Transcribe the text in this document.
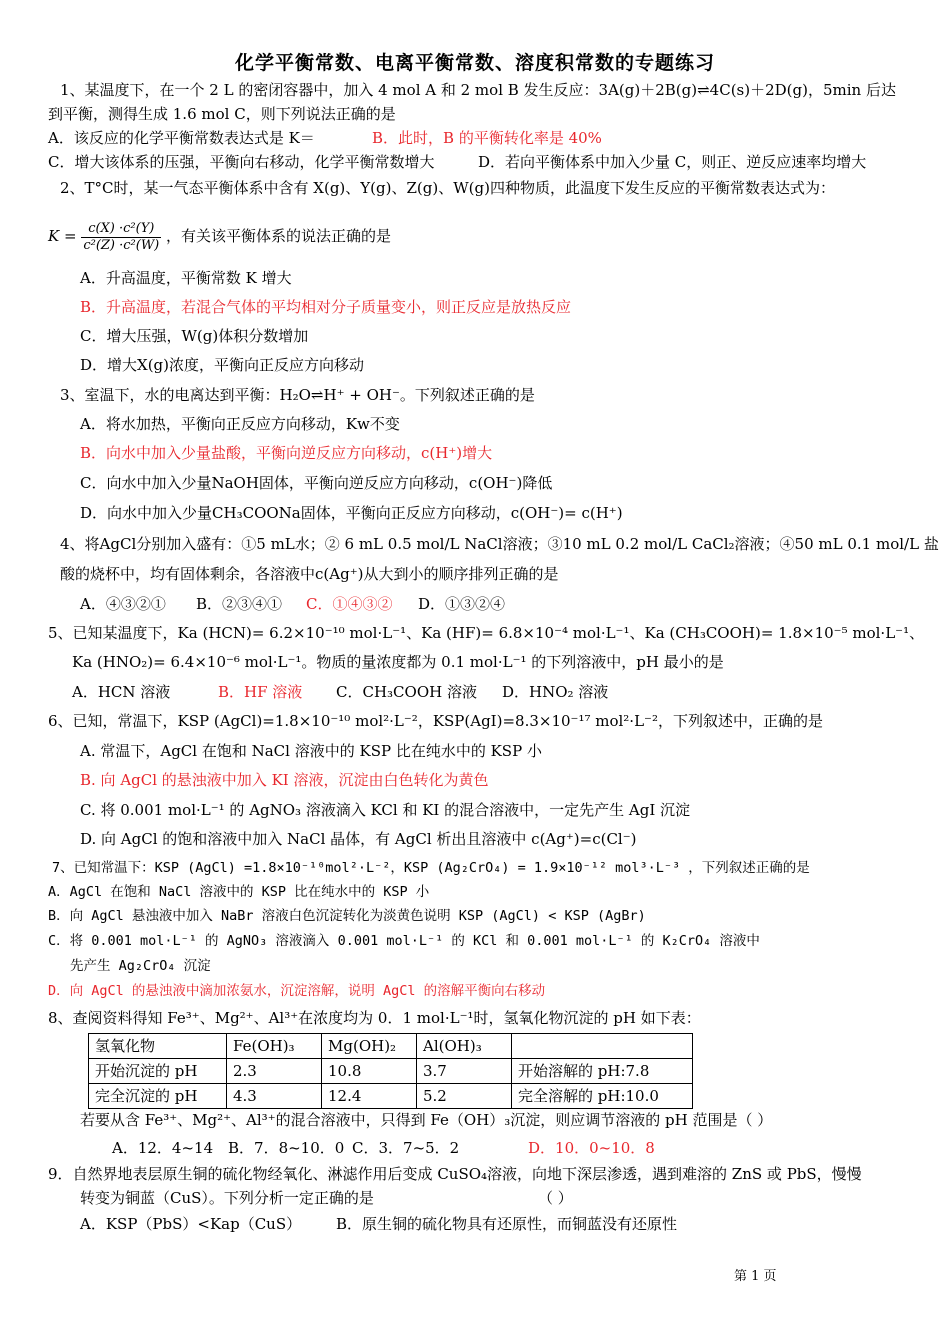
化学平衡常数、电离平衡常数、溶度积常数的专题练习
1、某温度下，在一个 2 L 的密闭容器中，加入 4 mol A 和 2 mol B 发生反应：3A(g)＋2B(g)⇌4C(s)＋2D(g)，5min 后达
到平衡，测得生成 1.6 mol C，则下列说法正确的是
A．该反应的化学平衡常数表达式是 K＝	B．此时，B 的平衡转化率是 40%
C．增大该体系的压强，平衡向右移动，化学平衡常数增大	D．若向平衡体系中加入少量 C，则正、逆反应速率均增大
2、T°C时，某一气态平衡体系中含有 X(g)、Y(g)、Z(g)、W(g)四种物质，此温度下发生反应的平衡常数表达式为：
$K = \frac{\text{c(X) ·c²(Y)}}{\text{c²(Z) ·c²(W)}}$ ，有关该平衡体系的说法正确的是
A．升高温度，平衡常数 K 增大
B．升高温度，若混合气体的平均相对分子质量变小，则正反应是放热反应
C．增大压强，W(g)体积分数增加
D．增大X(g)浓度，平衡向正反应方向移动
3、室温下，水的电离达到平衡：H₂O⇌H⁺ + OH⁻。下列叙述正确的是
A．将水加热，平衡向正反应方向移动，Kw不变
B．向水中加入少量盐酸，平衡向逆反应方向移动，c(H⁺)增大
C．向水中加入少量NaOH固体，平衡向逆反应方向移动，c(OH⁻)降低
D．向水中加入少量CH₃COONa固体，平衡向正反应方向移动，c(OH⁻)= c(H⁺)
4、将AgCl分别加入盛有：①5 mL水；② 6 mL 0.5 mol/L NaCl溶液；③10 mL 0.2 mol/L CaCl₂溶液；④50 mL 0.1 mol/L 盐
酸的烧杯中，均有固体剩余，各溶液中c(Ag⁺)从大到小的顺序排列正确的是
A．④③②① B．②③④① C．①④③② D．①③②④
5、已知某温度下，Ka (HCN)= 6.2×10⁻¹⁰ mol·L⁻¹、Ka (HF)= 6.8×10⁻⁴ mol·L⁻¹、Ka (CH₃COOH)= 1.8×10⁻⁵ mol·L⁻¹、
Ka (HNO₂)= 6.4×10⁻⁶ mol·L⁻¹。物质的量浓度都为 0.1 mol·L⁻¹ 的下列溶液中，pH 最小的是
A．HCN 溶液	B．HF 溶液 C．CH₃COOH 溶液 D．HNO₂ 溶液
6、已知，常温下，KSP (AgCl)=1.8×10⁻¹⁰ mol²·L⁻²，KSP(AgI)=8.3×10⁻¹⁷ mol²·L⁻²，下列叙述中，正确的是
A. 常温下，AgCl 在饱和 NaCl 溶液中的 KSP 比在纯水中的 KSP 小
B. 向 AgCl 的悬浊液中加入 KI 溶液，沉淀由白色转化为黄色
C. 将 0.001 mol·L⁻¹ 的 AgNO₃ 溶液滴入 KCl 和 KI 的混合溶液中，一定先产生 AgI 沉淀
D. 向 AgCl 的饱和溶液中加入 NaCl 晶体，有 AgCl 析出且溶液中 c(Ag⁺)=c(Cl⁻)
7、已知常温下：KSP (AgCl) =1.8×10⁻¹⁰mol²·L⁻²，KSP (Ag₂CrO₄) = 1.9×10⁻¹² mol³·L⁻³ ，下列叙述正确的是
A．AgCl 在饱和 NaCl 溶液中的 KSP 比在纯水中的 KSP 小
B．向 AgCl 悬浊液中加入 NaBr 溶液白色沉淀转化为淡黄色说明 KSP (AgCl) < KSP (AgBr)
C．将 0.001 mol·L⁻¹ 的 AgNO₃ 溶液滴入 0.001 mol·L⁻¹ 的 KCl 和 0.001 mol·L⁻¹ 的 K₂CrO₄ 溶液中
先产生 Ag₂CrO₄ 沉淀
D．向 AgCl 的悬浊液中滴加浓氨水，沉淀溶解，说明 AgCl 的溶解平衡向右移动
8、查阅资料得知 Fe³⁺、Mg²⁺、Al³⁺在浓度均为 0．1 mol·L⁻¹时，氢氧化物沉淀的 pH 如下表：
氢氧化物	Fe(OH)₃	Mg(OH)₂	Al(OH)₃	
开始沉淀的 pH	2.3	10.8	3.7	开始溶解的 pH:7.8
完全沉淀的 pH	4.3	12.4	5.2	完全溶解的 pH:10.0
若要从含 Fe³⁺、Mg²⁺、Al³⁺的混合溶液中，只得到 Fe（OH）₃沉淀，则应调节溶液的 pH 范围是（ ）
A．12．4~14 B．7．8~10．0 C．3．7~5．2	D．10．0~10．8
9．自然界地表层原生铜的硫化物经氧化、淋滤作用后变成 CuSO₄溶液，向地下深层渗透，遇到难溶的 ZnS 或 PbS，慢慢
转变为铜蓝（CuS）。下列分析一定正确的是	（ ）
A．KSP（PbS）<Kap（CuS） B．原生铜的硫化物具有还原性，而铜蓝没有还原性
第 1 页
